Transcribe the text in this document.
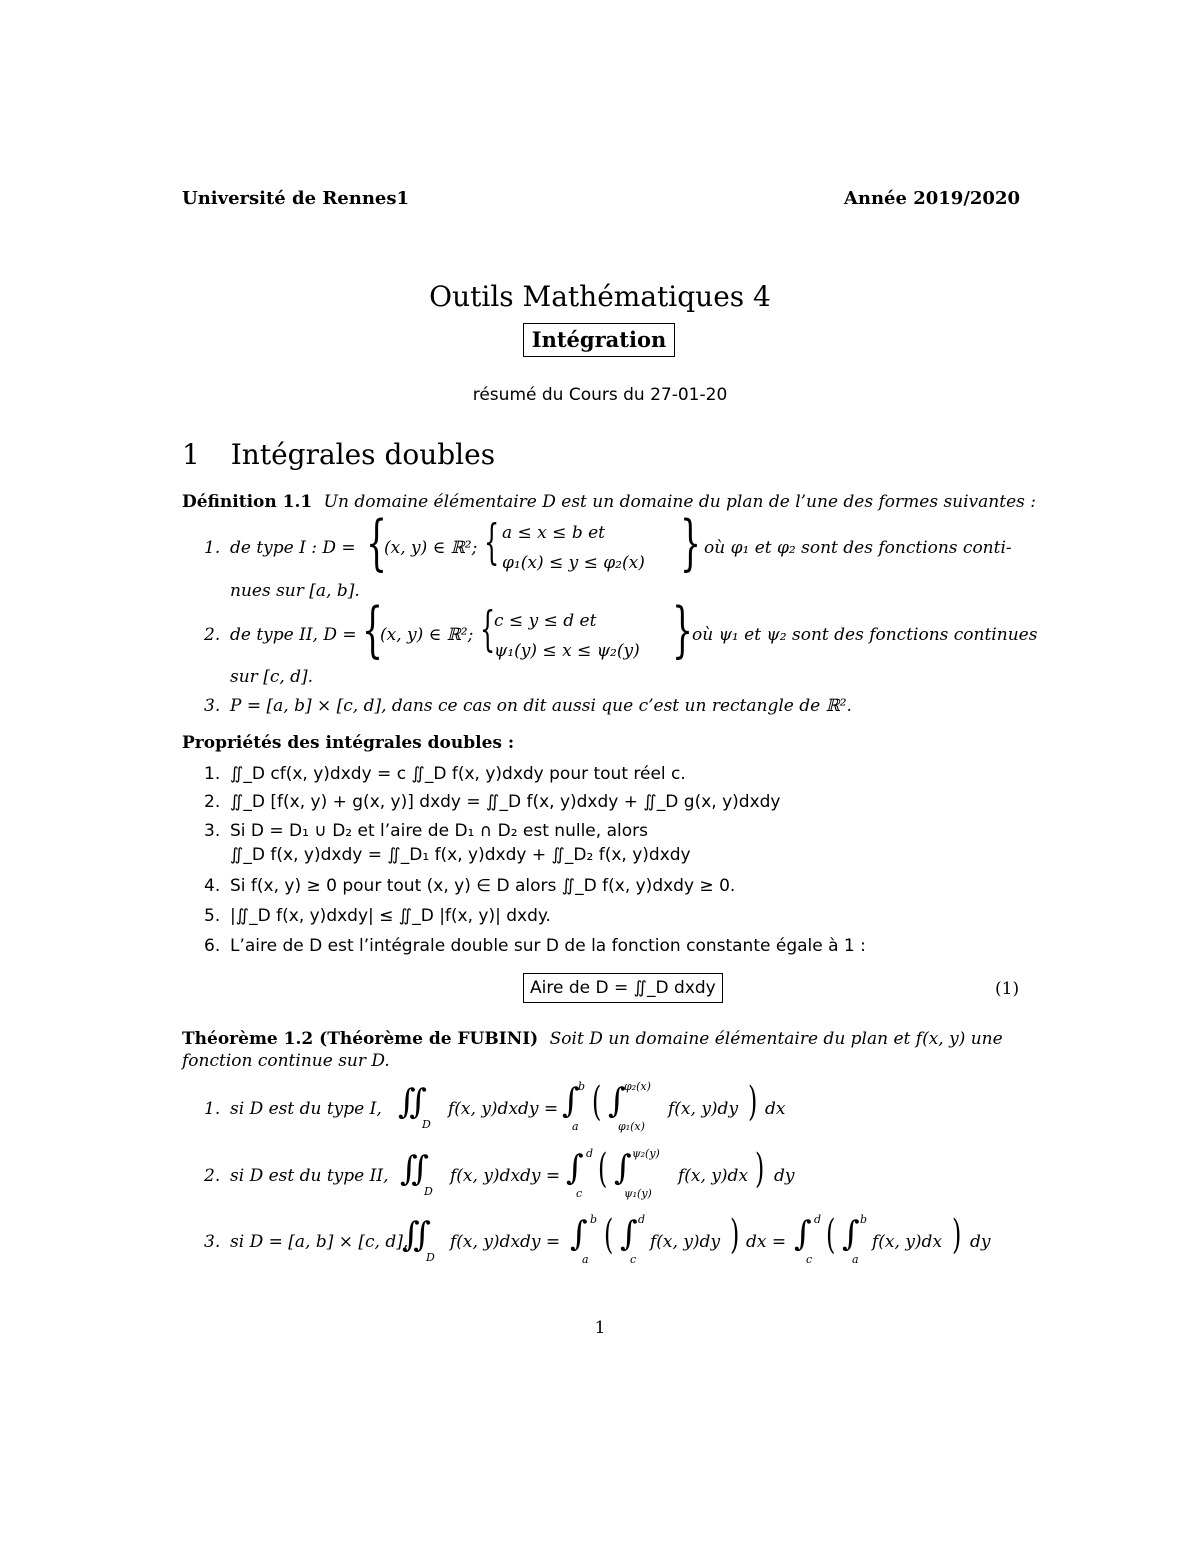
Université de Rennes1	Année 2019/2020
Outils Mathématiques 4
Intégration
résumé du Cours du 27-01-20
1 Intégrales doubles
Définition 1.1 Un domaine élémentaire D est un domaine du plan de l’une des formes suivantes :
1. de type I : D = {
(x, y) ∈ ℝ²; { a ≤ x ≤ b et
φ₁(x) ≤ y ≤ φ₂(x) } où φ₁ et φ₂ sont des fonctions conti-
nues sur [a, b].
2. de type II, D = {
(x, y) ∈ ℝ²; {
c ≤ y ≤ d et
ψ₁(y) ≤ x ≤ ψ₂(y) }
où ψ₁ et ψ₂ sont des fonctions continues
sur [c, d].
3. P = [a, b] × [c, d], dans ce cas on dit aussi que c’est un rectangle de ℝ².
Propriétés des intégrales doubles :
1. ∬_D cf(x, y)dxdy = c ∬_D f(x, y)dxdy pour tout réel c.
2. ∬_D [f(x, y) + g(x, y)] dxdy = ∬_D f(x, y)dxdy + ∬_D g(x, y)dxdy
3. Si D = D₁ ∪ D₂ et l’aire de D₁ ∩ D₂ est nulle, alors
∬_D f(x, y)dxdy = ∬_D₁ f(x, y)dxdy + ∬_D₂ f(x, y)dxdy
4. Si f(x, y) ≥ 0 pour tout (x, y) ∈ D alors ∬_D f(x, y)dxdy ≥ 0.
5. |∬_D f(x, y)dxdy| ≤ ∬_D |f(x, y)| dxdy.
6. L’aire de D est l’intégrale double sur D de la fonction constante égale à 1 :
Aire de D = ∬_D dxdy	(1)
Théorème 1.2 (Théorème de FUBINI) Soit D un domaine élémentaire du plan et f(x, y) une
fonction continue sur D.
1. si D est du type I, ∬
D
f(x, y)dxdy = ∫
b
a
( ∫
φ₂(x)
φ₁(x)
f(x, y)dy ) dx
2. si D est du type II, ∬
D
f(x, y)dxdy = ∫ d
c
( ∫ ψ₂(y)
ψ₁(y)
f(x, y)dx ) dy
3. si D = [a, b] × [c, d],
∬
D
f(x, y)dxdy = ∫ b
a
( ∫ d
c
f(x, y)dy ) dx = ∫ d
c
( ∫ b
a
f(x, y)dx ) dy
1
